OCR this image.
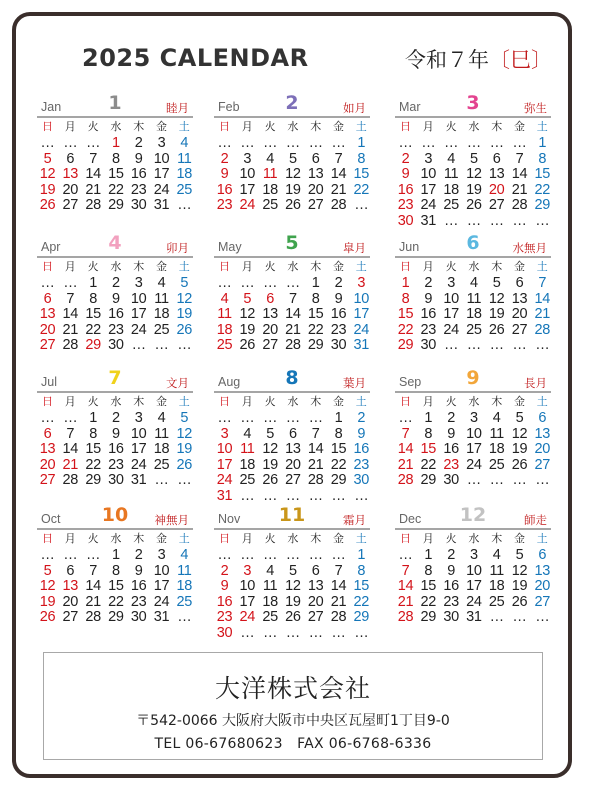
2025 CALENDAR	令和７年〔巳〕
Jan	1	睦月
日	月	火	水	木	金	土
… … … 1	2	3	4
5	6	7	8	9 10 11
12 13 14 15 16 17 18
19 20 21 22 23 24 25
26 27 28 29 30 31 …
Feb	2	如月
日	月	火	水	木	金	土
… … … … … … 1
2	3	4	5	6	7	8
9 10 11 12 13 14 15
16 17 18 19 20 21 22
23 24 25 26 27 28 …
Mar	3	弥生
日	月	火	水	木	金	土
… … … … … … 1
2	3	4	5	6	7	8
9 10 11 12 13 14 15
16 17 18 19 20 21 22
23 24 25 26 27 28 29
30 31 … … … … …
Apr	4	卯月
日	月	火	水	木	金	土
… … 1	2	3	4	5
6	7	8	9 10 11 12
13 14 15 16 17 18 19
20 21 22 23 24 25 26
27 28 29 30 … … …
May	5	皐月
日	月	火	水	木	金	土
… … … … 1	2	3
4	5	6	7	8	9 10
11 12 13 14 15 16 17
18 19 20 21 22 23 24
25 26 27 28 29 30 31
Jun	6	水無月
日	月	火	水	木	金	土
1	2	3	4	5	6	7
8	9 10 11 12 13 14
15 16 17 18 19 20 21
22 23 24 25 26 27 28
29 30 … … … … …
Jul	7	文月
日	月	火	水	木	金	土
… … 1	2	3	4	5
6	7	8	9 10 11 12
13 14 15 16 17 18 19
20 21 22 23 24 25 26
27 28 29 30 31 … …
Aug	8	葉月
日	月	火	水	木	金	土
… … … … … 1	2
3	4	5	6	7	8	9
10 11 12 13 14 15 16
17 18 19 20 21 22 23
24 25 26 27 28 29 30
31 … … … … … …
Sep	9	長月
日	月	火	水	木	金	土
… 1	2	3	4	5	6
7	8	9 10 11 12 13
14 15 16 17 18 19 20
21 22 23 24 25 26 27
28 29 30 … … … …
Oct	10	神無月
日	月	火	水	木	金	土
… … … 1	2	3	4
5	6	7	8	9 10 11
12 13 14 15 16 17 18
19 20 21 22 23 24 25
26 27 28 29 30 31 …
Nov	11	霜月
日	月	火	水	木	金	土
… … … … … … 1
2	3	4	5	6	7	8
9 10 11 12 13 14 15
16 17 18 19 20 21 22
23 24 25 26 27 28 29
30 … … … … … …
Dec	12	師走
日	月	火	水	木	金	土
… 1	2	3	4	5	6
7	8	9 10 11 12 13
14 15 16 17 18 19 20
21 22 23 24 25 26 27
28 29 30 31 … … …
大洋株式会社
〒542-0066 大阪府大阪市中央区瓦屋町1丁目9-0
TEL 06-67680623　FAX 06-6768-6336
